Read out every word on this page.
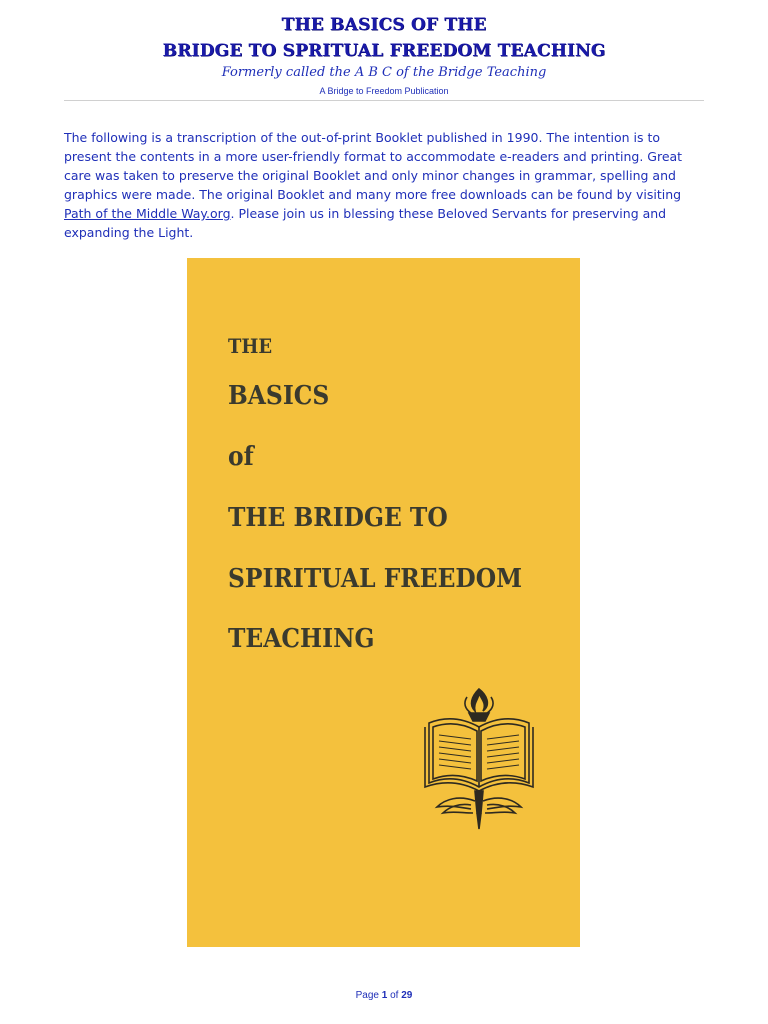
THE BASICS OF THE
BRIDGE TO SPRITUAL FREEDOM TEACHING
Formerly called the A B C of the Bridge Teaching
A Bridge to Freedom Publication
The following is a transcription of the out-of-print Booklet published in 1990. The intention is to present the contents in a more user-friendly format to accommodate e-readers and printing. Great care was taken to preserve the original Booklet and only minor changes in grammar, spelling and graphics were made. The original Booklet and many more free downloads can be found by visiting Path of the Middle Way.org. Please join us in blessing these Beloved Servants for preserving and expanding the Light.
THE
BASICS
of
THE BRIDGE TO
SPIRITUAL FREEDOM
TEACHING
Page 1 of 29
